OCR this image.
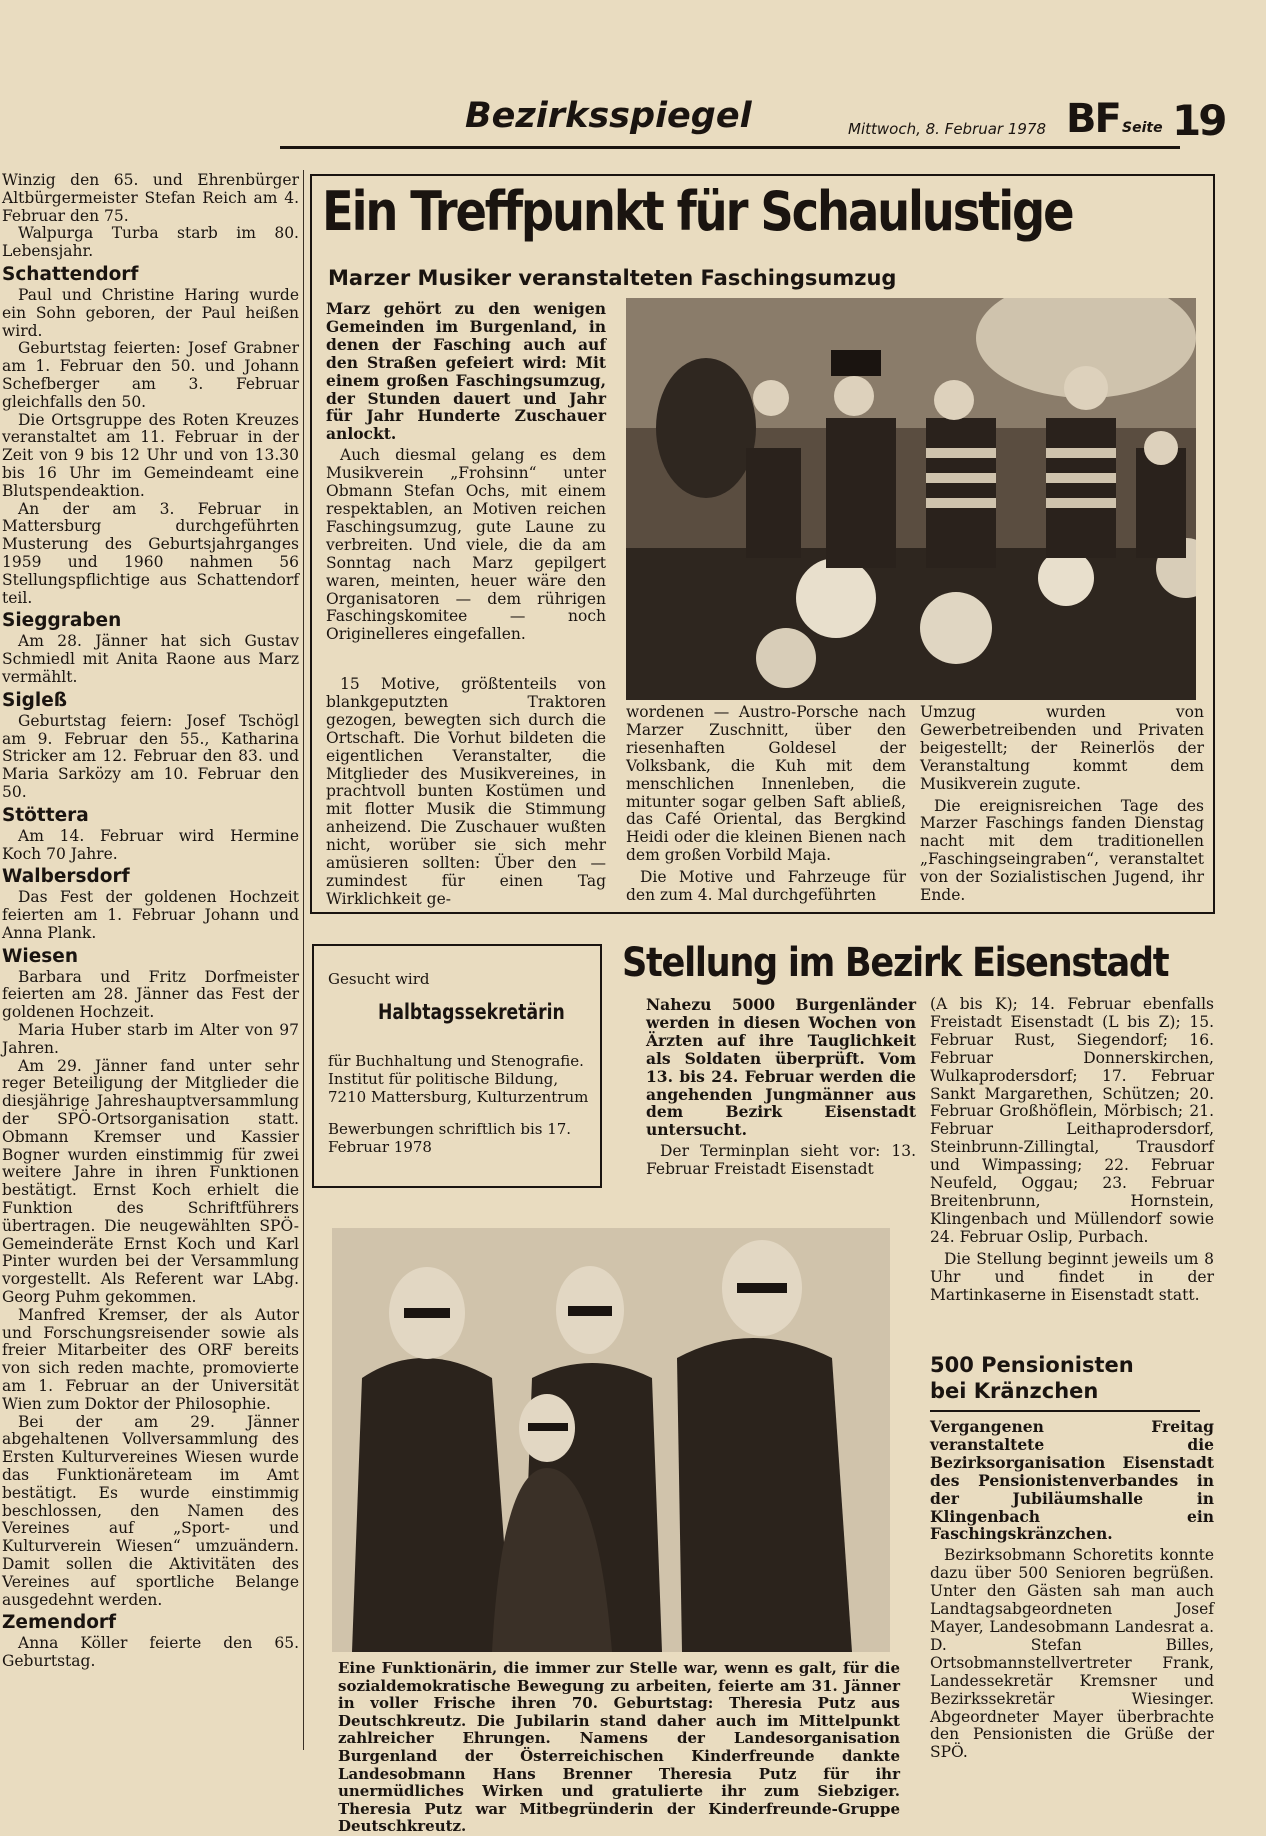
Bezirksspiegel	Mittwoch, 8. Februar 1978 BF Seite 19

Winzig den 65. und Ehrenbürger Altbürgermeister Stefan Reich am 4. Februar den 75.

Walpurga Turba starb im 80. Lebensjahr.

Schattendorf

Paul und Christine Haring wurde ein Sohn geboren, der Paul heißen wird.

Geburtstag feierten: Josef Grabner am 1. Februar den 50. und Johann Schefberger am 3. Februar gleichfalls den 50.

Die Ortsgruppe des Roten Kreuzes veranstaltet am 11. Februar in der Zeit von 9 bis 12 Uhr und von 13.30 bis 16 Uhr im Gemeindeamt eine Blutspendeaktion.

An der am 3. Februar in Mattersburg durchgeführten Musterung des Geburtsjahrganges 1959 und 1960 nahmen 56 Stellungspflichtige aus Schattendorf teil.

Sieggraben

Am 28. Jänner hat sich Gustav Schmiedl mit Anita Raone aus Marz vermählt.

Sigleß

Geburtstag feiern: Josef Tschögl am 9. Februar den 55., Katharina Stricker am 12. Februar den 83. und Maria Sarközy am 10. Februar den 50.

Stöttera

Am 14. Februar wird Hermine Koch 70 Jahre.

Walbersdorf

Das Fest der goldenen Hochzeit feierten am 1. Februar Johann und Anna Plank.

Wiesen

Barbara und Fritz Dorfmeister feierten am 28. Jänner das Fest der goldenen Hochzeit.

Maria Huber starb im Alter von 97 Jahren.

Am 29. Jänner fand unter sehr reger Beteiligung der Mitglieder die diesjährige Jahreshauptversammlung der SPÖ-Ortsorganisation statt. Obmann Kremser und Kassier Bogner wurden einstimmig für zwei weitere Jahre in ihren Funktionen bestätigt. Ernst Koch erhielt die Funktion des Schriftführers übertragen. Die neugewählten SPÖ-Gemeinderäte Ernst Koch und Karl Pinter wurden bei der Versammlung vorgestellt. Als Referent war LAbg. Georg Puhm gekommen.

Manfred Kremser, der als Autor und Forschungsreisender sowie als freier Mitarbeiter des ORF bereits von sich reden machte, promovierte am 1. Februar an der Universität Wien zum Doktor der Philosophie.

Bei der am 29. Jänner abgehaltenen Vollversammlung des Ersten Kulturvereines Wiesen wurde das Funktionäreteam im Amt bestätigt. Es wurde einstimmig beschlossen, den Namen des Vereines auf „Sport- und Kulturverein Wiesen“ umzuändern. Damit sollen die Aktivitäten des Vereines auf sportliche Belange ausgedehnt werden.

Zemendorf

Anna Köller feierte den 65. Geburtstag.

Ein Treffpunkt für Schaulustige
Marzer Musiker veranstalteten Faschingsumzug

Marz gehört zu den wenigen Gemeinden im Burgenland, in denen der Fasching auch auf den Straßen gefeiert wird: Mit einem großen Faschingsumzug, der Stunden dauert und Jahr für Jahr Hunderte Zuschauer anlockt.

Auch diesmal gelang es dem Musikverein „Frohsinn“ unter Obmann Stefan Ochs, mit einem respektablen, an Motiven reichen Faschingsumzug, gute Laune zu verbreiten. Und viele, die da am Sonntag nach Marz gepilgert waren, meinten, heuer wäre den Organisatoren — dem rührigen Faschingskomitee — noch Originelleres eingefallen.

15 Motive, größtenteils von blankgeputzten Traktoren gezogen, bewegten sich durch die Ortschaft. Die Vorhut bildeten die eigentlichen Veranstalter, die Mitglieder des Musikvereines, in prachtvoll bunten Kostümen und mit flotter Musik die Stimmung anheizend. Die Zuschauer wußten nicht, worüber sie sich mehr amüsieren sollten: Über den — zumindest für einen Tag Wirklichkeit ge-

wordenen — Austro-Porsche nach Marzer Zuschnitt, über den riesenhaften Goldesel der Volksbank, die Kuh mit dem menschlichen Innenleben, die mitunter sogar gelben Saft abließ, das Café Oriental, das Bergkind Heidi oder die kleinen Bienen nach dem großen Vorbild Maja.

Die Motive und Fahrzeuge für den zum 4. Mal durchgeführten

Umzug wurden von Gewerbetreibenden und Privaten beigestellt; der Reinerlös der Veranstaltung kommt dem Musikverein zugute.

Die ereignisreichen Tage des Marzer Faschings fanden Dienstag nacht mit dem traditionellen „Faschingseingraben“, veranstaltet von der Sozialistischen Jugend, ihr Ende.

Gesucht wird
Halbtagssekretärin
für Buchhaltung und Stenografie. Institut für politische Bildung, 7210 Mattersburg, Kulturzentrum
Bewerbungen schriftlich bis 17. Februar 1978
Stellung im Bezirk Eisenstadt

Nahezu 5000 Burgenländer werden in diesen Wochen von Ärzten auf ihre Tauglichkeit als Soldaten überprüft. Vom 13. bis 24. Februar werden die angehenden Jungmänner aus dem Bezirk Eisenstadt untersucht.

Der Terminplan sieht vor: 13. Februar Freistadt Eisenstadt

(A bis K); 14. Februar ebenfalls Freistadt Eisenstadt (L bis Z); 15. Februar Rust, Siegendorf; 16. Februar Donnerskirchen, Wulkaprodersdorf; 17. Februar Sankt Margarethen, Schützen; 20. Februar Großhöflein, Mörbisch; 21. Februar Leithaprodersdorf, Steinbrunn-Zillingtal, Trausdorf und Wimpassing; 22. Februar Neufeld, Oggau; 23. Februar Breitenbrunn, Hornstein, Klingenbach und Müllendorf sowie 24. Februar Oslip, Purbach.

Die Stellung beginnt jeweils um 8 Uhr und findet in der Martinkaserne in Eisenstadt statt.

Eine Funktionärin, die immer zur Stelle war, wenn es galt, für die sozialdemokratische Bewegung zu arbeiten, feierte am 31. Jänner in voller Frische ihren 70. Geburtstag: Theresia Putz aus Deutschkreutz. Die Jubilarin stand daher auch im Mittelpunkt zahlreicher Ehrungen. Namens der Landesorganisation Burgenland der Österreichischen Kinderfreunde dankte Landesobmann Hans Brenner Theresia Putz für ihr unermüdliches Wirken und gratulierte ihr zum Siebziger. Theresia Putz war Mitbegründerin der Kinderfreunde-Gruppe Deutschkreutz.
500 Pensionisten
bei Kränzchen

Vergangenen Freitag veranstaltete die Bezirksorganisation Eisenstadt des Pensionistenverbandes in der Jubiläumshalle in Klingenbach ein Faschingskränzchen.

Bezirksobmann Schoretits konnte dazu über 500 Senioren begrüßen. Unter den Gästen sah man auch Landtagsabgeordneten Josef Mayer, Landesobmann Landesrat a. D. Stefan Billes, Ortsobmannstellvertreter Frank, Landessekretär Kremsner und Bezirkssekretär Wiesinger. Abgeordneter Mayer überbrachte den Pensionisten die Grüße der SPÖ.
